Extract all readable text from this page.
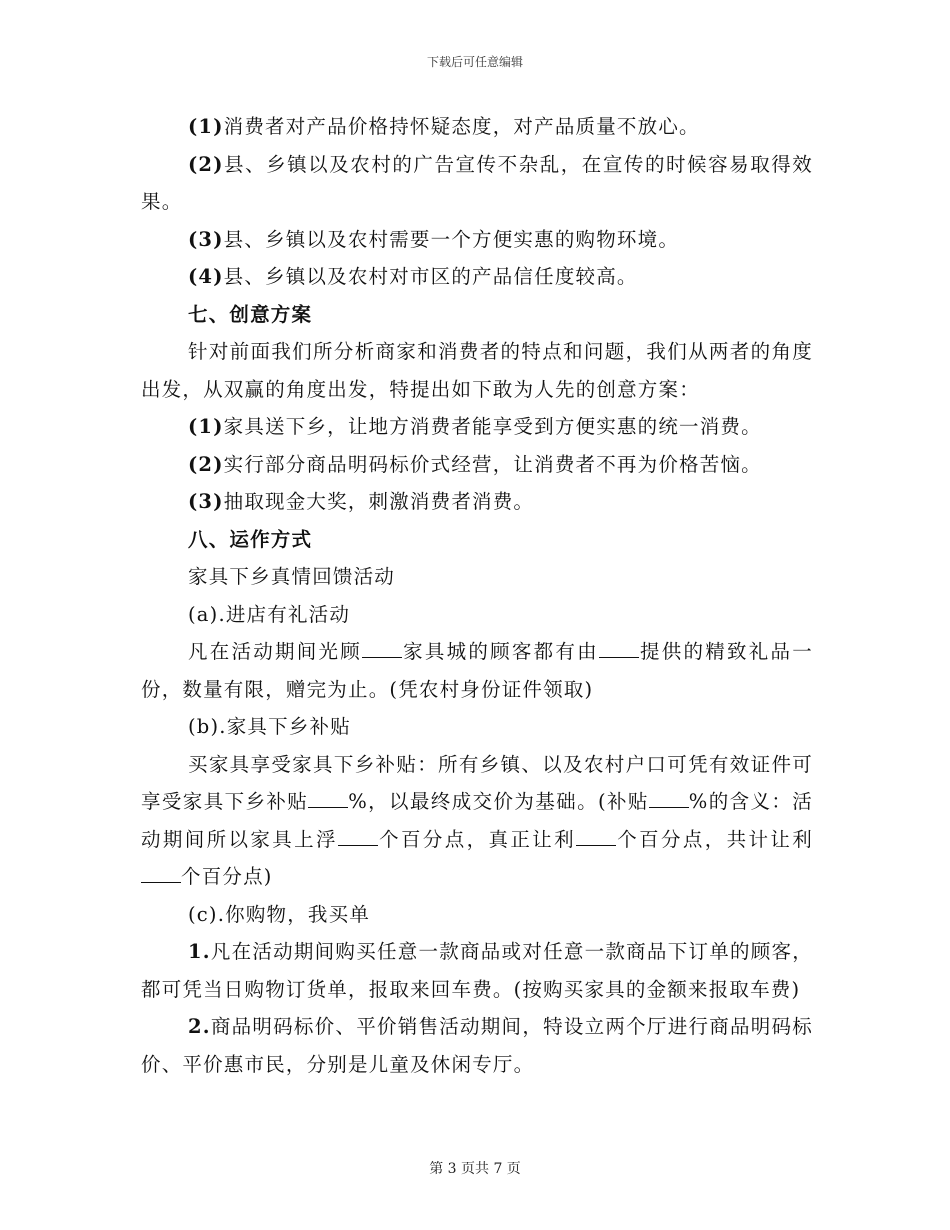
下载后可任意编辑

(1)消费者对产品价格持怀疑态度，对产品质量不放心。

(2)县、乡镇以及农村的广告宣传不杂乱，在宣传的时候容易取得效果。

(3)县、乡镇以及农村需要一个方便实惠的购物环境。

(4)县、乡镇以及农村对市区的产品信任度较高。

七、创意方案

针对前面我们所分析商家和消费者的特点和问题，我们从两者的角度出发，从双赢的角度出发，特提出如下敢为人先的创意方案：

(1)家具送下乡，让地方消费者能享受到方便实惠的统一消费。

(2)实行部分商品明码标价式经营，让消费者不再为价格苦恼。

(3)抽取现金大奖，刺激消费者消费。

八、运作方式

家具下乡真情回馈活动

(a).进店有礼活动

凡在活动期间光顾 家具城的顾客都有由 提供的精致礼品一份，数量有限，赠完为止。(凭农村身份证件领取)

(b).家具下乡补贴

买家具享受家具下乡补贴：所有乡镇、以及农村户口可凭有效证件可享受家具下乡补贴 %，以最终成交价为基础。(补贴 %的含义：活动期间所以家具上浮 个百分点，真正让利 个百分点，共计让利个百分点)

(c).你购物，我买单

1.凡在活动期间购买任意一款商品或对任意一款商品下订单的顾客，都可凭当日购物订货单，报取来回车费。(按购买家具的金额来报取车费)

2.商品明码标价、平价销售活动期间，特设立两个厅进行商品明码标价、平价惠市民，分别是儿童及休闲专厅。

第 3 页共 7 页
